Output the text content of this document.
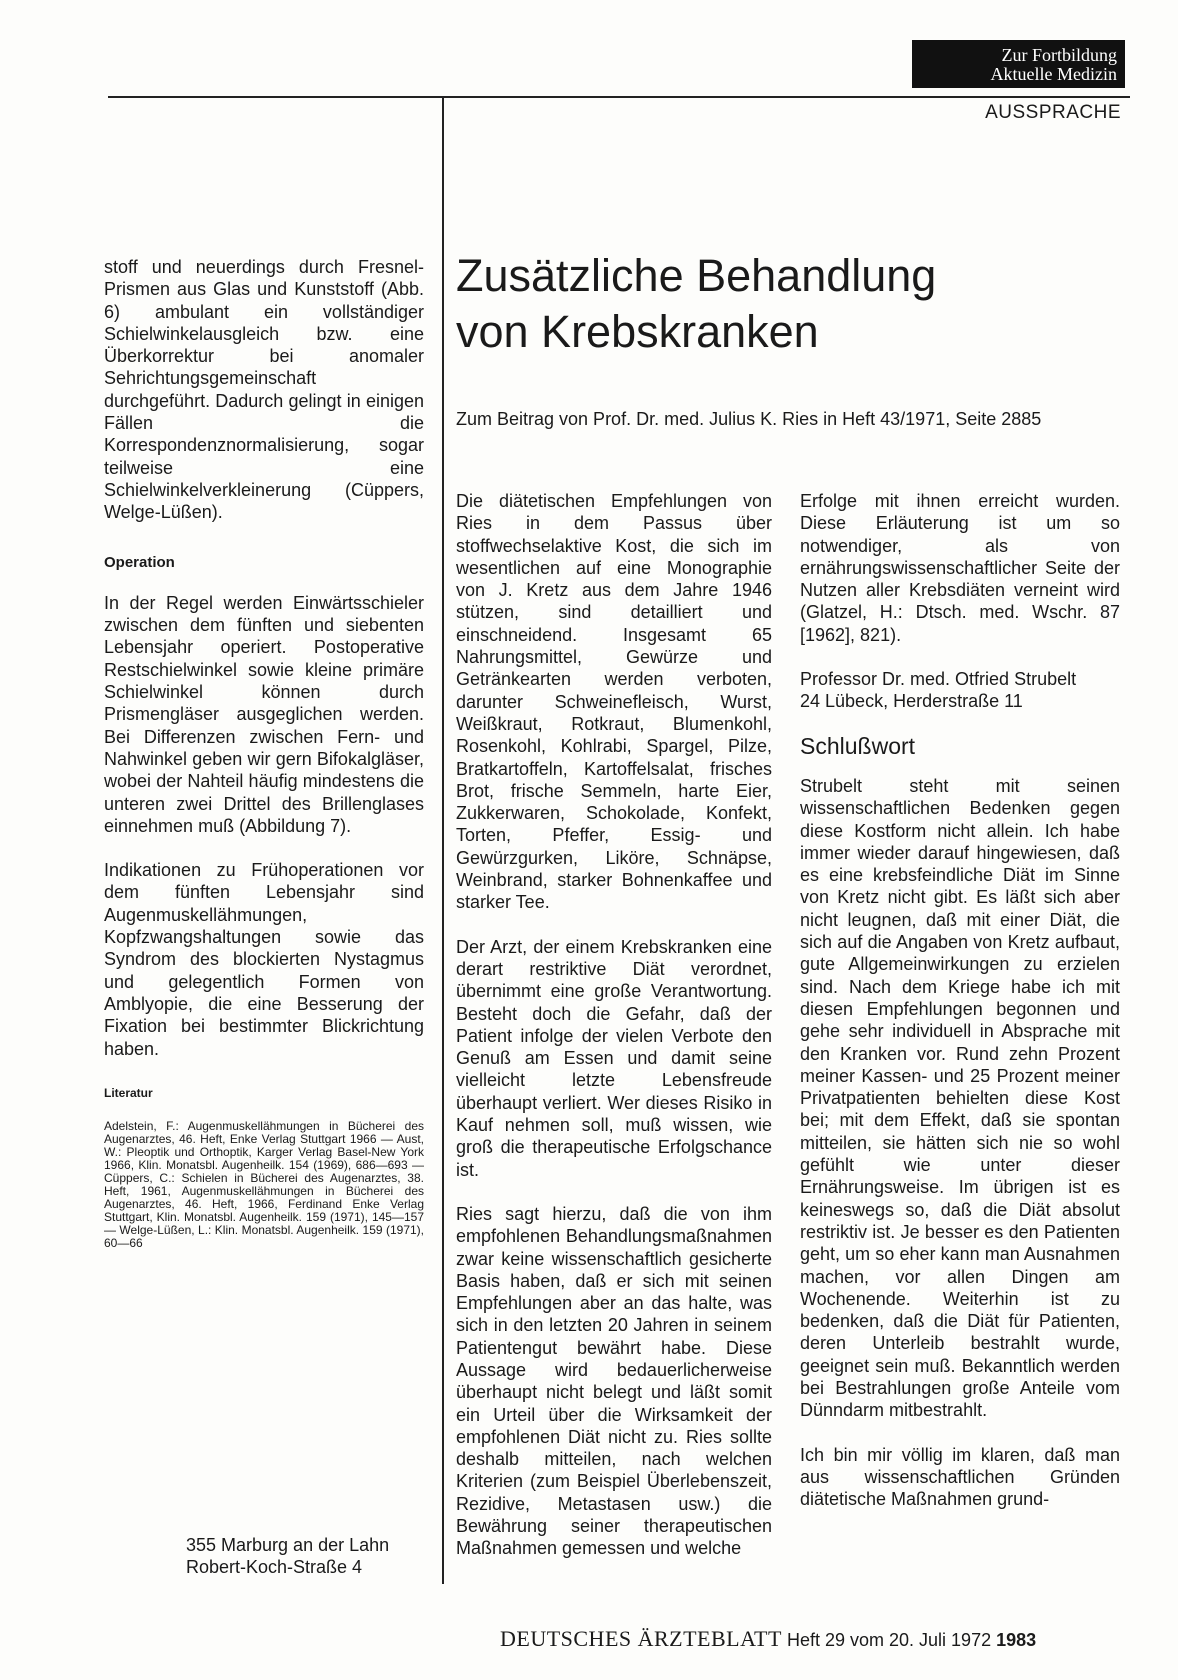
Zur Fortbildung
Aktuelle Medizin
AUSSPRACHE

stoff und neuerdings durch Fresnel-Prismen aus Glas und Kunststoff (Abb. 6) ambulant ein vollständiger Schielwinkelausgleich bzw. eine Überkorrektur bei anomaler Sehrichtungsgemeinschaft durchgeführt. Dadurch gelingt in einigen Fällen die Korrespondenznormalisierung, sogar teilweise eine Schielwinkelverkleinerung (Cüppers, Welge-Lüßen).

Operation

In der Regel werden Einwärtsschieler zwischen dem fünften und siebenten Lebensjahr operiert. Postoperative Restschielwinkel sowie kleine primäre Schielwinkel können durch Prismengläser ausgeglichen werden. Bei Differenzen zwischen Fern- und Nahwinkel geben wir gern Bifokalgläser, wobei der Nahteil häufig mindestens die unteren zwei Drittel des Brillenglases einnehmen muß (Abbildung 7).

Indikationen zu Frühoperationen vor dem fünften Lebensjahr sind Augenmuskellähmungen, Kopfzwangshaltungen sowie das Syndrom des blockierten Nystagmus und gelegentlich Formen von Amblyopie, die eine Besserung der Fixation bei bestimmter Blickrichtung haben.

Literatur
Adelstein, F.: Augenmuskellähmungen in Bücherei des Augenarztes, 46. Heft, Enke Verlag Stuttgart 1966 — Aust, W.: Pleoptik und Orthoptik, Karger Verlag Basel-New York 1966, Klin. Monatsbl. Augenheilk. 154 (1969), 686—693 — Cüppers, C.: Schielen in Bücherei des Augenarztes, 38. Heft, 1961, Augenmuskellähmungen in Bücherei des Augenarztes, 46. Heft, 1966, Ferdinand Enke Verlag Stuttgart, Klin. Monatsbl. Augenheilk. 159 (1971), 145—157 — Welge-Lüßen, L.: Klin. Monatsbl. Augenheilk. 159 (1971), 60—66
355 Marburg an der Lahn
Robert-Koch-Straße 4
Zusätzliche Behandlung
von Krebskranken
Zum Beitrag von Prof. Dr. med. Julius K. Ries in Heft 43/1971, Seite 2885

Die diätetischen Empfehlungen von Ries in dem Passus über stoffwechselaktive Kost, die sich im wesentlichen auf eine Monographie von J. Kretz aus dem Jahre 1946 stützen, sind detailliert und einschneidend. Insgesamt 65 Nahrungsmittel, Gewürze und Getränkearten werden verboten, darunter Schweinefleisch, Wurst, Weißkraut, Rotkraut, Blumenkohl, Rosenkohl, Kohlrabi, Spargel, Pilze, Bratkartoffeln, Kartoffelsalat, frisches Brot, frische Semmeln, harte Eier, Zukkerwaren, Schokolade, Konfekt, Torten, Pfeffer, Essig- und Gewürzgurken, Liköre, Schnäpse, Weinbrand, starker Bohnenkaffee und starker Tee.

Der Arzt, der einem Krebskranken eine derart restriktive Diät verordnet, übernimmt eine große Verantwortung. Besteht doch die Gefahr, daß der Patient infolge der vielen Verbote den Genuß am Essen und damit seine vielleicht letzte Lebensfreude überhaupt verliert. Wer dieses Risiko in Kauf nehmen soll, muß wissen, wie groß die therapeutische Erfolgschance ist.

Ries sagt hierzu, daß die von ihm empfohlenen Behandlungsmaßnahmen zwar keine wissenschaftlich gesicherte Basis haben, daß er sich mit seinen Empfehlungen aber an das halte, was sich in den letzten 20 Jahren in seinem Patientengut bewährt habe. Diese Aussage wird bedauerlicherweise überhaupt nicht belegt und läßt somit ein Urteil über die Wirksamkeit der empfohlenen Diät nicht zu. Ries sollte deshalb mitteilen, nach welchen Kriterien (zum Beispiel Überlebenszeit, Rezidive, Metastasen usw.) die Bewährung seiner therapeutischen Maßnahmen gemessen und welche

Erfolge mit ihnen erreicht wurden. Diese Erläuterung ist um so notwendiger, als von ernährungswissenschaftlicher Seite der Nutzen aller Krebsdiäten verneint wird (Glatzel, H.: Dtsch. med. Wschr. 87 [1962], 821).

Professor Dr. med. Otfried Strubelt
24 Lübeck, Herderstraße 11

Schlußwort

Strubelt steht mit seinen wissenschaftlichen Bedenken gegen diese Kostform nicht allein. Ich habe immer wieder darauf hingewiesen, daß es eine krebsfeindliche Diät im Sinne von Kretz nicht gibt. Es läßt sich aber nicht leugnen, daß mit einer Diät, die sich auf die Angaben von Kretz aufbaut, gute Allgemeinwirkungen zu erzielen sind. Nach dem Kriege habe ich mit diesen Empfehlungen begonnen und gehe sehr individuell in Absprache mit den Kranken vor. Rund zehn Prozent meiner Kassen- und 25 Prozent meiner Privatpatienten behielten diese Kost bei; mit dem Effekt, daß sie spontan mitteilen, sie hätten sich nie so wohl gefühlt wie unter dieser Ernährungsweise. Im übrigen ist es keineswegs so, daß die Diät absolut restriktiv ist. Je besser es den Patienten geht, um so eher kann man Ausnahmen machen, vor allen Dingen am Wochenende. Weiterhin ist zu bedenken, daß die Diät für Patienten, deren Unterleib bestrahlt wurde, geeignet sein muß. Bekanntlich werden bei Bestrahlungen große Anteile vom Dünndarm mitbestrahlt.

Ich bin mir völlig im klaren, daß man aus wissenschaftlichen Gründen diätetische Maßnahmen grund-

DEUTSCHES ÄRZTEBLATT Heft 29 vom 20. Juli 1972 1983
